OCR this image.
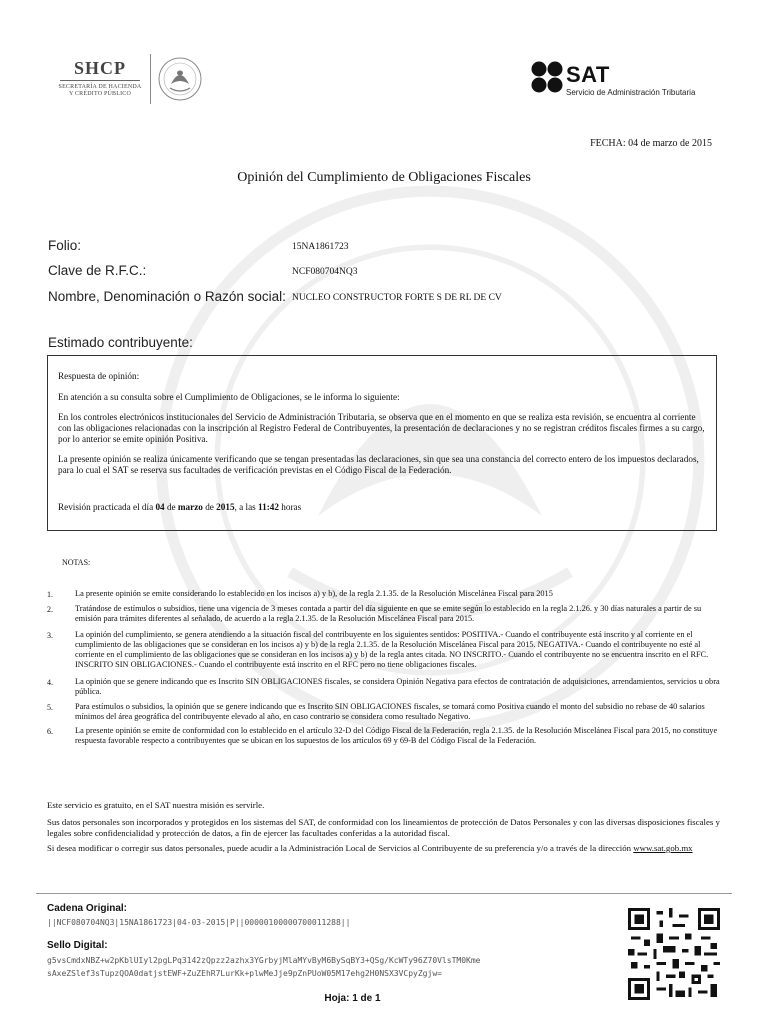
SHCP
SECRETARÍA DE HACIENDA
Y CRÉDITO PÚBLICO
SAT
Servicio de Administración Tributaria
FECHA: 04 de marzo de 2015
Opinión del Cumplimiento de Obligaciones Fiscales
Folio:	15NA1861723
Clave de R.F.C.:	NCF080704NQ3
Nombre, Denominación o Razón social: NUCLEO CONSTRUCTOR FORTE S DE RL DE CV
Estimado contribuyente:
Respuesta de opinión:
En atención a su consulta sobre el Cumplimiento de Obligaciones, se le informa lo siguiente:
En los controles electrónicos institucionales del Servicio de Administración Tributaria, se observa que en el momento en que se realiza esta revisión, se encuentra al corriente con las obligaciones relacionadas con la inscripción al Registro Federal de Contribuyentes, la presentación de declaraciones y no se registran créditos fiscales firmes a su cargo, por lo anterior se emite opinión Positiva.
La presente opinión se realiza únicamente verificando que se tengan presentadas las declaraciones, sin que sea una constancia del correcto entero de los impuestos declarados, para lo cual el SAT se reserva sus facultades de verificación previstas en el Código Fiscal de la Federación.
Revisión practicada el día 04 de marzo de 2015, a las 11:42 horas
NOTAS:
1.	La presente opinión se emite considerando lo establecido en los incisos a) y b), de la regla 2.1.35. de la Resolución Miscelánea Fiscal para 2015
2.	Tratándose de estímulos o subsidios, tiene una vigencia de 3 meses contada a partir del día siguiente en que se emite según lo establecido en la regla 2.1.26. y 30 días naturales a partir de su emisión para trámites diferentes al señalado, de acuerdo a la regla 2.1.35. de la Resolución Miscelánea Fiscal para 2015.
3.	La opinión del cumplimiento, se genera atendiendo a la situación fiscal del contribuyente en los siguientes sentidos: POSITIVA.- Cuando el contribuyente está inscrito y al corriente en el cumplimiento de las obligaciones que se consideran en los incisos a) y b) de la regla 2.1.35. de la Resolución Miscelánea Fiscal para 2015. NEGATIVA.- Cuando el contribuyente no esté al corriente en el cumplimiento de las obligaciones que se consideran en los incisos a) y b) de la regla antes citada. NO INSCRITO.- Cuando el contribuyente no se encuentra inscrito en el RFC. INSCRITO SIN OBLIGACIONES.- Cuando el contribuyente está inscrito en el RFC pero no tiene obligaciones fiscales.
4.	La opinión que se genere indicando que es Inscrito SIN OBLIGACIONES fiscales, se considera Opinión Negativa para efectos de contratación de adquisiciones, arrendamientos, servicios u obra pública.
5.	Para estímulos o subsidios, la opinión que se genere indicando que es Inscrito SIN OBLIGACIONES fiscales, se tomará como Positiva cuando el monto del subsidio no rebase de 40 salarios mínimos del área geográfica del contribuyente elevado al año, en caso contrario se considera como resultado Negativo.
6.	La presente opinión se emite de conformidad con lo establecido en el artículo 32-D del Código Fiscal de la Federación, regla 2.1.35. de la Resolución Miscelánea Fiscal para 2015, no constituye respuesta favorable respecto a contribuyentes que se ubican en los supuestos de los artículos 69 y 69-B del Código Fiscal de la Federación.
Este servicio es gratuito, en el SAT nuestra misión es servirle.
Sus datos personales son incorporados y protegidos en los sistemas del SAT, de conformidad con los lineamientos de protección de Datos Personales y con las diversas disposiciones fiscales y legales sobre confidencialidad y protección de datos, a fin de ejercer las facultades conferidas a la autoridad fiscal.
Si desea modificar o corregir sus datos personales, puede acudir a la Administración Local de Servicios al Contribuyente de su preferencia y/o a través de la dirección www.sat.gob.mx
Cadena Original:
||NCF080704NQ3|15NA1861723|04-03-2015|P||00000100000700011288||
Sello Digital:
g5vsCmdxNBZ+w2pKblUIyl2pgLPq3142zQpzz2azhx3YGrbyjMlaMYvByM6BySqBY3+QSg/KcWTy96Z70VlsTM0Kme
sAxeZSlef3sTupzQOA0datjstEWF+ZuZEhR7LurKk+plwMeJje9pZnPUoW05M17ehg2H0NSX3VCpyZgjw=
Hoja: 1 de 1
